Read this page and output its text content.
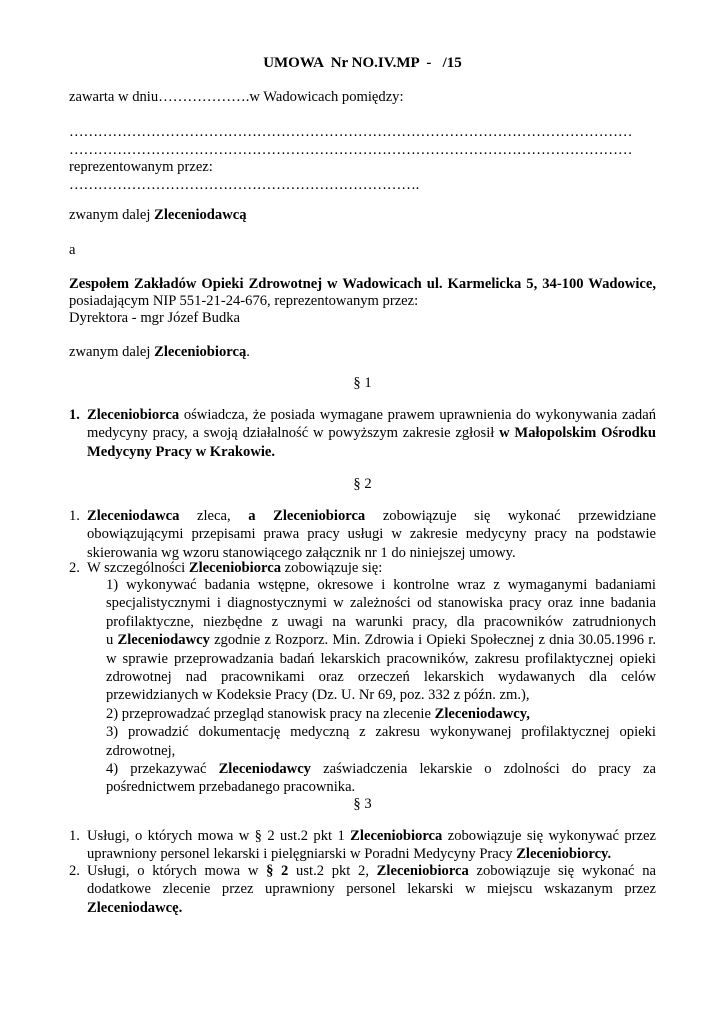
UMOWA  Nr NO.IV.MP  -   /15
zawarta w dniu……………….w Wadowicach pomiędzy:
………………………………………………………………………………………………………
………………………………………………………………………………………………………
reprezentowanym przez:
……………………………………………………………….
zwanym dalej Zleceniodawcą
a
Zespołem Zakładów Opieki Zdrowotnej w Wadowicach ul. Karmelicka 5, 34-100 Wadowice,
posiadającym NIP 551-21-24-676, reprezentowanym przez:
Dyrektora - mgr Józef Budka
zwanym dalej Zleceniobiorcą.
§ 1
1. Zleceniobiorca oświadcza, że posiada wymagane prawem uprawnienia do wykonywania zadań
medycyny pracy, a swoją działalność w powyższym zakresie zgłosił w Małopolskim Ośrodku
Medycyny Pracy w Krakowie.
§ 2
1. Zleceniodawca zleca, a Zleceniobiorca zobowiązuje się wykonać przewidziane
obowiązującymi przepisami prawa pracy usługi w zakresie medycyny pracy na podstawie
skierowania wg wzoru stanowiącego załącznik nr 1 do niniejszej umowy.
2. W szczególności Zleceniobiorca zobowiązuje się:
1) wykonywać badania wstępne, okresowe i kontrolne wraz z wymaganymi badaniami
specjalistycznymi i diagnostycznymi w zależności od stanowiska pracy oraz inne badania
profilaktyczne, niezbędne z uwagi na warunki pracy, dla pracowników zatrudnionych
u Zleceniodawcy zgodnie z Rozporz. Min. Zdrowia i Opieki Społecznej z dnia 30.05.1996 r.
w sprawie przeprowadzania badań lekarskich pracowników, zakresu profilaktycznej opieki
zdrowotnej nad pracownikami oraz orzeczeń lekarskich wydawanych dla celów
przewidzianych w Kodeksie Pracy (Dz. U. Nr 69, poz. 332 z późn. zm.),
2) przeprowadzać przegląd stanowisk pracy na zlecenie Zleceniodawcy,
3) prowadzić dokumentację medyczną z zakresu wykonywanej profilaktycznej opieki
zdrowotnej,
4) przekazywać Zleceniodawcy zaświadczenia lekarskie o zdolności do pracy za
pośrednictwem przebadanego pracownika.
§ 3
1. Usługi, o których mowa w § 2 ust.2 pkt 1 Zleceniobiorca zobowiązuje się wykonywać przez
uprawniony personel lekarski i pielęgniarski w Poradni Medycyny Pracy Zleceniobiorcy.
2. Usługi, o których mowa w § 2 ust.2 pkt 2, Zleceniobiorca zobowiązuje się wykonać na
dodatkowe zlecenie przez uprawniony personel lekarski w miejscu wskazanym przez
Zleceniodawcę.
